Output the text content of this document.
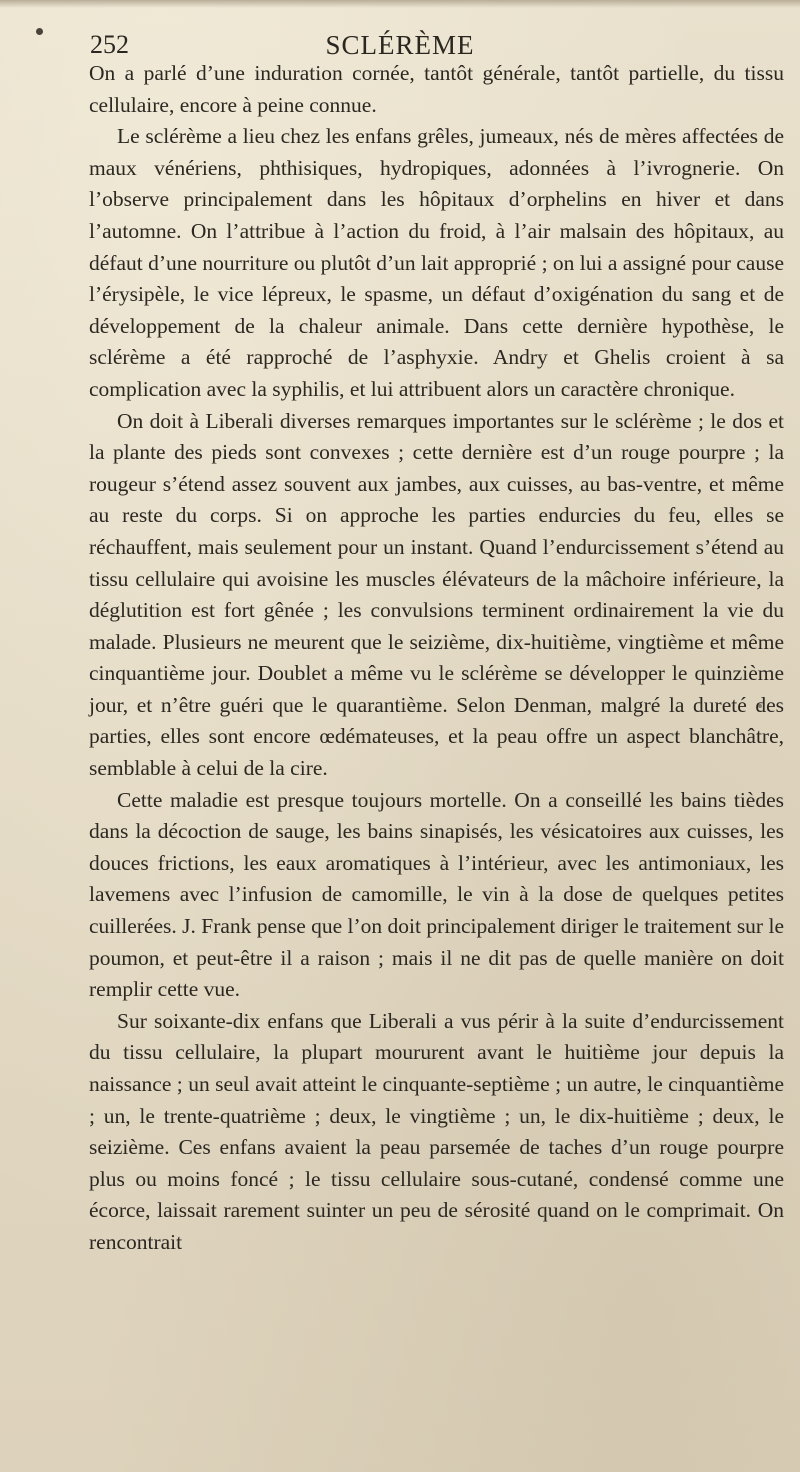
252	SCLÉRÈME

On a parlé d’une induration cornée, tantôt générale, tantôt partielle, du tissu cellulaire, encore à peine connue.

Le sclérème a lieu chez les enfans grêles, jumeaux, nés de mères affectées de maux vénériens, phthisiques, hydropiques, adonnées à l’ivrognerie. On l’observe principalement dans les hôpitaux d’orphelins en hiver et dans l’automne. On l’attribue à l’action du froid, à l’air malsain des hôpitaux, au défaut d’une nourriture ou plutôt d’un lait approprié ; on lui a assigné pour cause l’érysipèle, le vice lépreux, le spasme, un défaut d’oxigénation du sang et de développement de la chaleur animale. Dans cette dernière hypothèse, le sclérème a été rapproché de l’asphyxie. Andry et Ghelis croient à sa complication avec la syphilis, et lui attribuent alors un caractère chronique.

On doit à Liberali diverses remarques importantes sur le sclérème ; le dos et la plante des pieds sont convexes ; cette dernière est d’un rouge pourpre ; la rougeur s’étend assez souvent aux jambes, aux cuisses, au bas-ventre, et même au reste du corps. Si on approche les parties endurcies du feu, elles se réchauffent, mais seulement pour un instant. Quand l’endurcissement s’étend au tissu cellulaire qui avoisine les muscles élévateurs de la mâchoire inférieure, la déglutition est fort gênée ; les convulsions terminent ordinairement la vie du malade. Plusieurs ne meurent que le seizième, dix-huitième, vingtième et même cinquantième jour. Doublet a même vu le sclérème se développer le quinzième jour, et n’être guéri que le quarantième. Selon Denman, malgré la dureté des parties, elles sont encore œdémateuses, et la peau offre un aspect blanchâtre, semblable à celui de la cire.

Cette maladie est presque toujours mortelle. On a conseillé les bains tièdes dans la décoction de sauge, les bains sinapisés, les vésicatoires aux cuisses, les douces frictions, les eaux aromatiques à l’intérieur, avec les antimoniaux, les lavemens avec l’infusion de camomille, le vin à la dose de quelques petites cuillerées. J. Frank pense que l’on doit principalement diriger le traitement sur le poumon, et peut-être il a raison ; mais il ne dit pas de quelle manière on doit remplir cette vue.

Sur soixante-dix enfans que Liberali a vus périr à la suite d’endurcissement du tissu cellulaire, la plupart moururent avant le huitième jour depuis la naissance ; un seul avait atteint le cinquante-septième ; un autre, le cinquantième ; un, le trente-quatrième ; deux, le vingtième ; un, le dix-huitième ; deux, le seizième. Ces enfans avaient la peau parsemée de taches d’un rouge pourpre plus ou moins foncé ; le tissu cellulaire sous-cutané, condensé comme une écorce, laissait rarement suinter un peu de sérosité quand on le comprimait. On rencontrait
